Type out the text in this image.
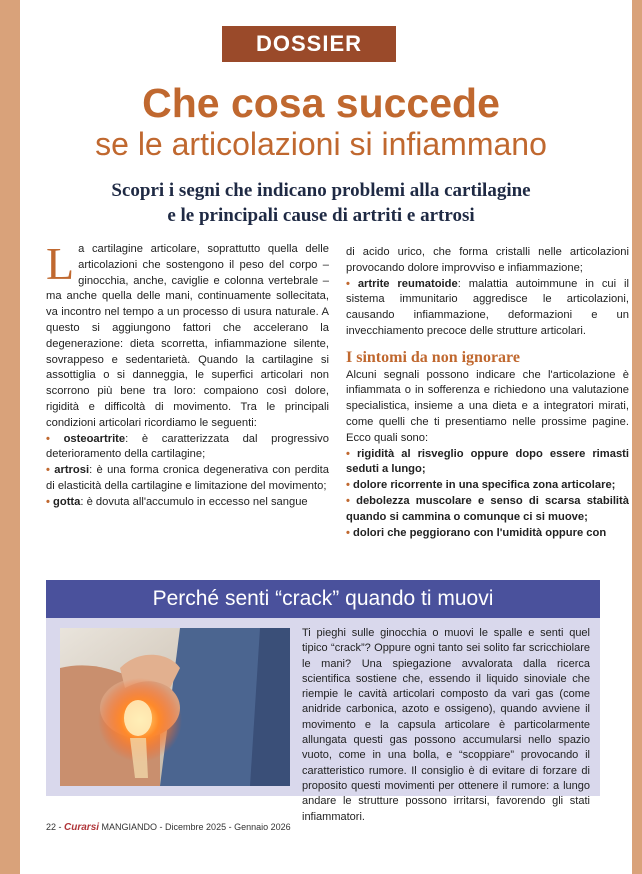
DOSSIER
Che cosa succede
se le articolazioni si infiammano
Scopri i segni che indicano problemi alla cartilagine
e le principali cause di artriti e artrosi

La cartilagine articolare, soprattutto quella delle articolazioni che sostengono il peso del corpo – ginocchia, anche, caviglie e colonna vertebrale – ma anche quella delle mani, continuamente sollecitata, va incontro nel tempo a un processo di usura naturale. A questo si aggiungono fattori che accelerano la degenerazione: dieta scorretta, infiammazione silente, sovrappeso e sedentarietà. Quando la cartilagine si assottiglia o si danneggia, le superfici articolari non scorrono più bene tra loro: compaiono così dolore, rigidità e difficoltà di movimento. Tra le principali condizioni articolari ricordiamo le seguenti:

• osteoartrite: è caratterizzata dal progressivo deterioramento della cartilagine;

• artrosi: è una forma cronica degenerativa con perdita di elasticità della cartilagine e limitazione del movimento;

• gotta: è dovuta all'accumulo in eccesso nel sangue

di acido urico, che forma cristalli nelle articolazioni provocando dolore improvviso e infiammazione;

• artrite reumatoide: malattia autoimmune in cui il sistema immunitario aggredisce le articolazioni, causando infiammazione, deformazioni e un invecchiamento precoce delle strutture articolari.

I sintomi da non ignorare

Alcuni segnali possono indicare che l'articolazione è infiammata o in sofferenza e richiedono una valutazione specialistica, insieme a una dieta e a integratori mirati, come quelli che ti presentiamo nelle prossime pagine. Ecco quali sono:

• rigidità al risveglio oppure dopo essere rimasti seduti a lungo;

• dolore ricorrente in una specifica zona articolare;

• debolezza muscolare e senso di scarsa stabilità quando si cammina o comunque ci si muove;

• dolori che peggiorano con l'umidità oppure con

Perché senti “crack” quando ti muovi
Ti pieghi sulle ginocchia o muovi le spalle e senti quel tipico “crack”? Oppure ogni tanto sei solito far scricchiolare le mani? Una spiegazione avvalorata dalla ricerca scientifica sostiene che, essendo il liquido sinoviale che riempie le cavità articolari composto da vari gas (come anidride carbonica, azoto e ossigeno), quando avviene il movimento e la capsula articolare è particolarmente allungata questi gas possono accumularsi nello spazio vuoto, come in una bolla, e “scoppiare” provocando il caratteristico rumore. Il consiglio è di evitare di forzare di proposito questi movimenti per ottenere il rumore: a lungo andare le strutture possono irritarsi, favorendo gli stati infiammatori.
22 - Curarsi MANGIANDO - Dicembre 2025 - Gennaio 2026
